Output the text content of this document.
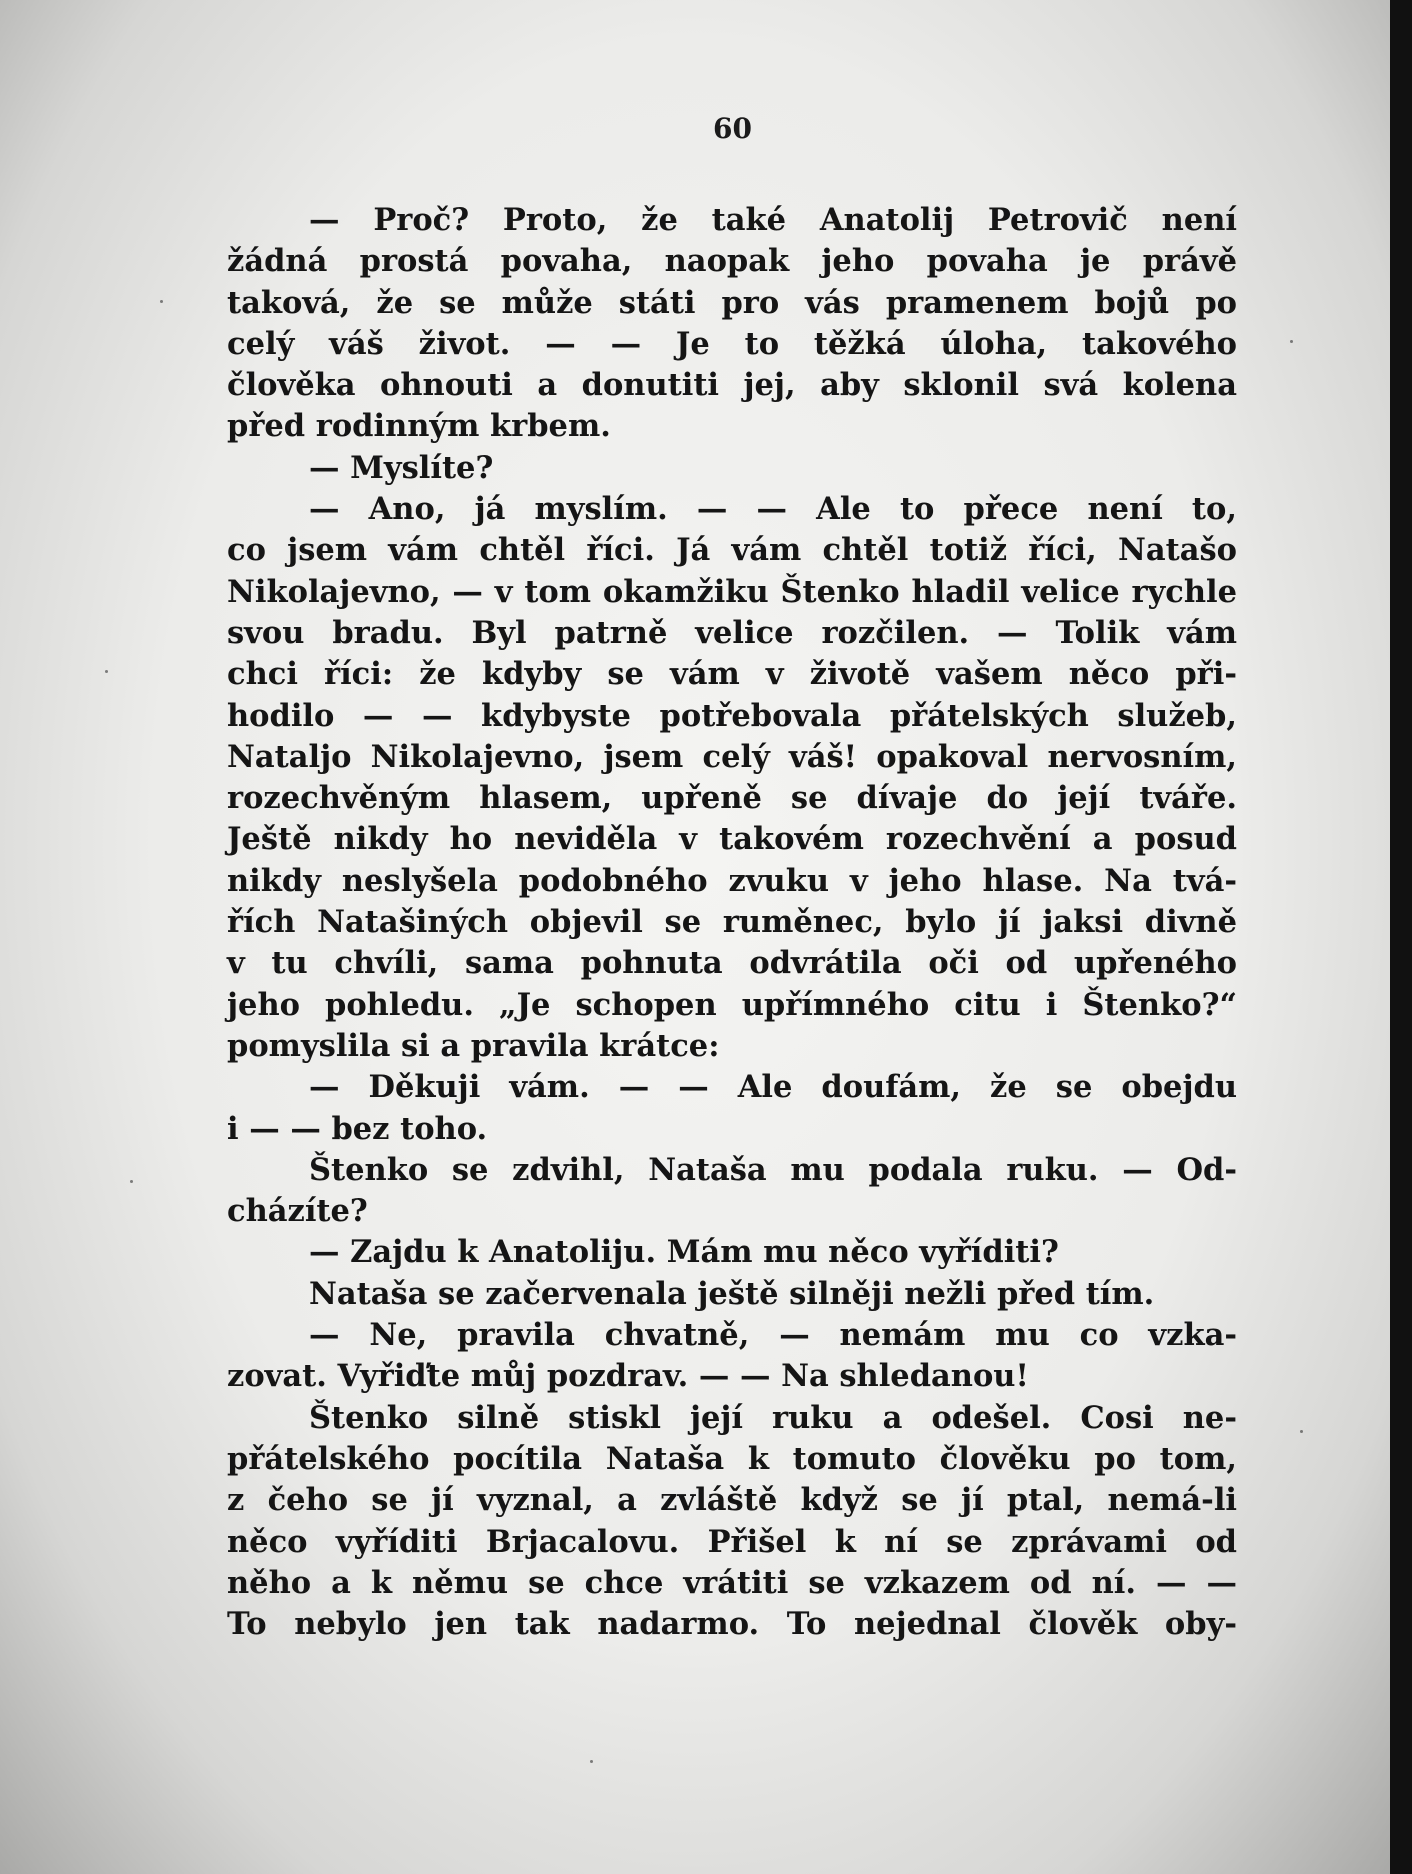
60
— Proč? Proto, že také Anatolij Petrovič není
žádná prostá povaha, naopak jeho povaha je právě
taková, že se může státi pro vás pramenem bojů po
celý váš život. — — Je to těžká úloha, takového
člověka ohnouti a donutiti jej, aby sklonil svá kolena
před rodinným krbem.
— Myslíte?
— Ano, já myslím. — — Ale to přece není to,
co jsem vám chtěl říci. Já vám chtěl totiž říci, Natašo
Nikolajevno, — v tom okamžiku Štenko hladil velice rychle
svou bradu. Byl patrně velice rozčilen. — Tolik vám
chci říci: že kdyby se vám v životě vašem něco při-
hodilo — — kdybyste potřebovala přátelských služeb,
Nataljo Nikolajevno, jsem celý váš! opakoval nervosním,
rozechvěným hlasem, upřeně se dívaje do její tváře.
Ještě nikdy ho neviděla v takovém rozechvění a posud
nikdy neslyšela podobného zvuku v jeho hlase. Na tvá-
řích Natašiných objevil se ruměnec, bylo jí jaksi divně
v tu chvíli, sama pohnuta odvrátila oči od upřeného
jeho pohledu. „Je schopen upřímného citu i Štenko?“
pomyslila si a pravila krátce:
— Děkuji vám. — — Ale doufám, že se obejdu
i — — bez toho.
Štenko se zdvihl, Nataša mu podala ruku. — Od-
cházíte?
— Zajdu k Anatoliju. Mám mu něco vyříditi?
Nataša se začervenala ještě silněji nežli před tím.
— Ne, pravila chvatně, — nemám mu co vzka-
zovat. Vyřiďte můj pozdrav. — — Na shledanou!
Štenko silně stiskl její ruku a odešel. Cosi ne-
přátelského pocítila Nataša k tomuto člověku po tom,
z čeho se jí vyznal, a zvláště když se jí ptal, nemá-li
něco vyříditi Brjacalovu. Přišel k ní se zprávami od
něho a k němu se chce vrátiti se vzkazem od ní. — —
To nebylo jen tak nadarmo. To nejednal člověk oby-
